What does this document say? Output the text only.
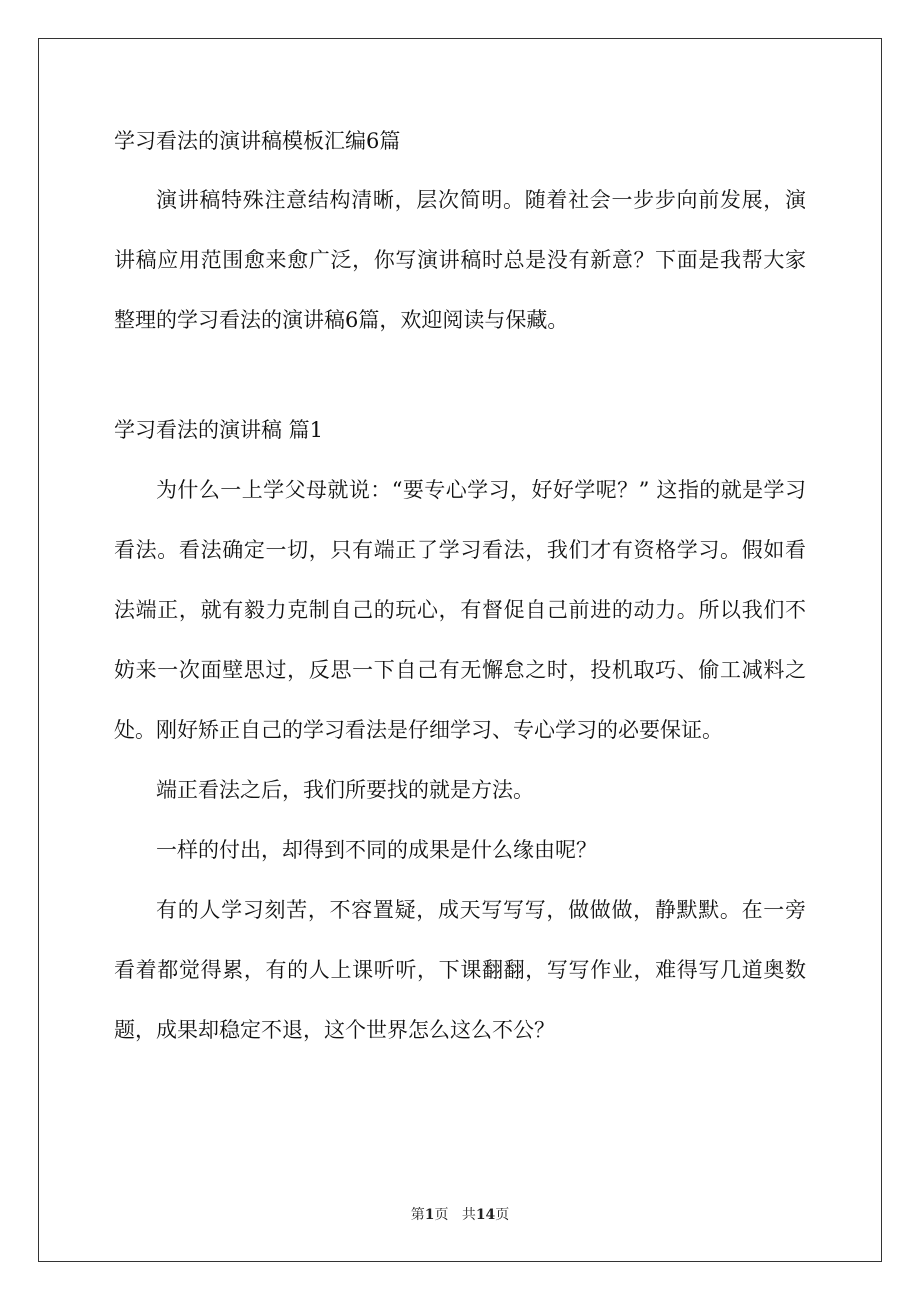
学习看法的演讲稿模板汇编6篇

演讲稿特殊注意结构清晰，层次简明。随着社会一步步向前发展，演讲稿应用范围愈来愈广泛，你写演讲稿时总是没有新意？下面是我帮大家整理的学习看法的演讲稿6篇，欢迎阅读与保藏。

学习看法的演讲稿 篇1

为什么一上学父母就说：“要专心学习，好好学呢？” 这指的就是学习看法。看法确定一切，只有端正了学习看法，我们才有资格学习。假如看法端正，就有毅力克制自己的玩心，有督促自己前进的动力。所以我们不妨来一次面壁思过，反思一下自己有无懈怠之时，投机取巧、偷工减料之处。刚好矫正自己的学习看法是仔细学习、专心学习的必要保证。

端正看法之后，我们所要找的就是方法。

一样的付出，却得到不同的成果是什么缘由呢？

有的人学习刻苦，不容置疑，成天写写写，做做做，静默默。在一旁看着都觉得累，有的人上课听听，下课翻翻，写写作业，难得写几道奥数题，成果却稳定不退，这个世界怎么这么不公？

第1页 共14页
